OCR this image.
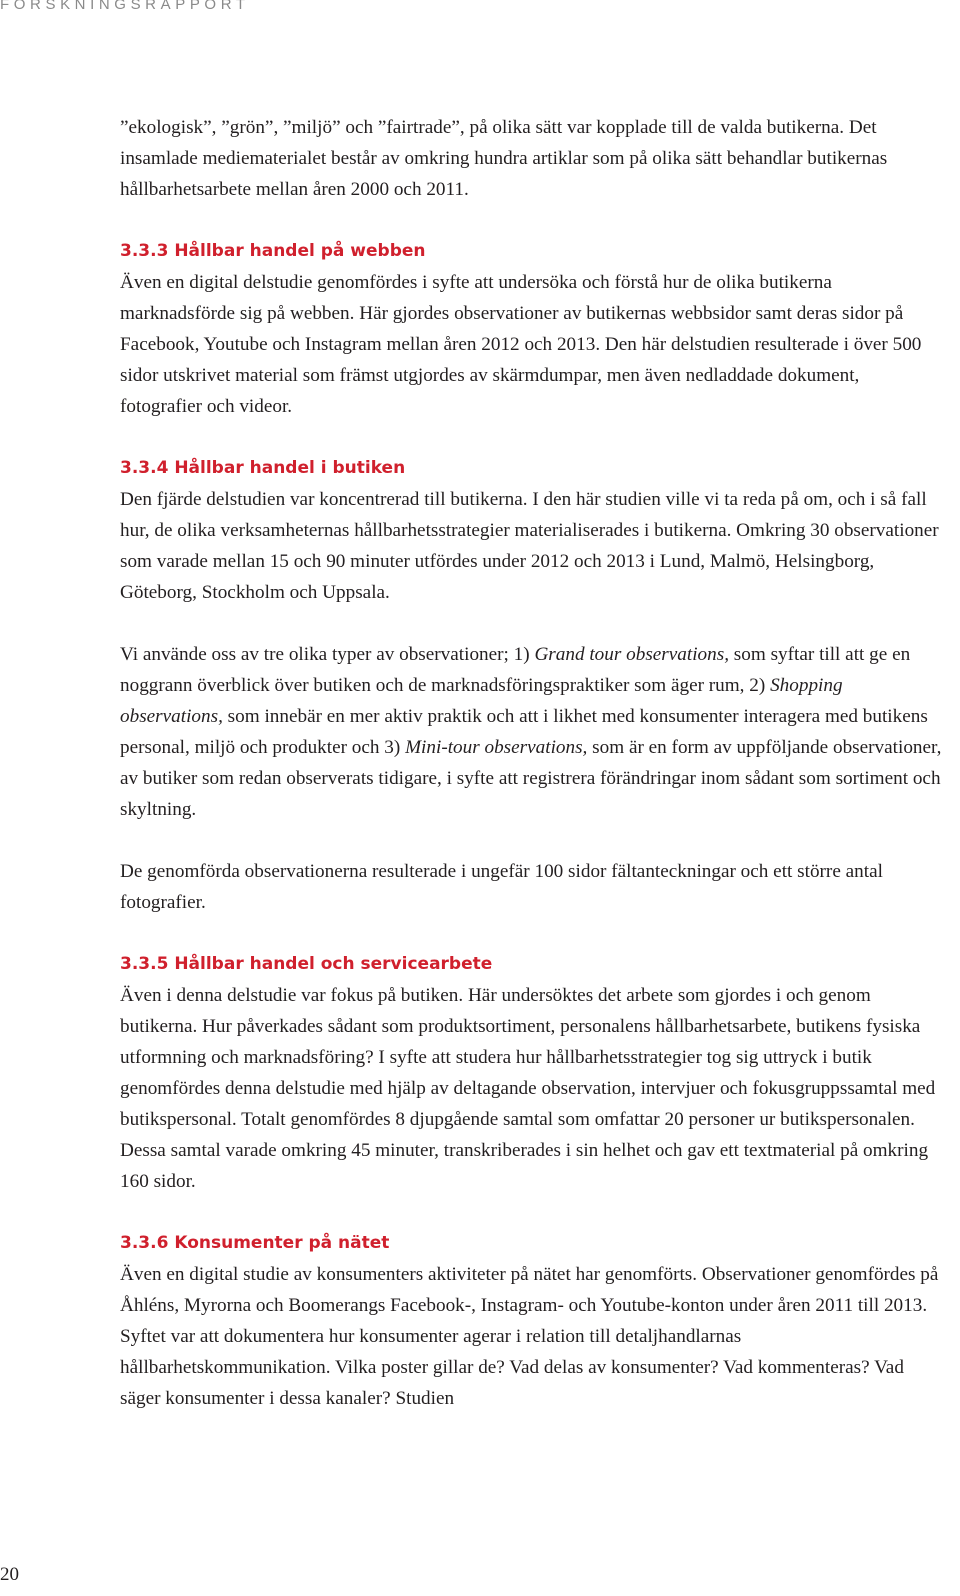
FORSKNINGSRAPPORT

”ekologisk”, ”grön”, ”miljö” och ”fairtrade”, på olika sätt var kopplade till de valda butikerna. Det insamlade mediematerialet består av omkring hundra artiklar som på olika sätt behandlar butikernas hållbarhetsarbete mellan åren 2000 och 2011.

3.3.3 Hållbar handel på webben

Även en digital delstudie genomfördes i syfte att undersöka och förstå hur de olika butikerna marknadsförde sig på webben. Här gjordes observationer av butikernas webbsidor samt deras sidor på Facebook, Youtube och Instagram mellan åren 2012 och 2013. Den här delstudien resulterade i över 500 sidor utskrivet material som främst utgjordes av skärmdumpar, men även nedladdade dokument, fotografier och videor.

3.3.4 Hållbar handel i butiken

Den fjärde delstudien var koncentrerad till butikerna. I den här studien ville vi ta reda på om, och i så fall hur, de olika verksamheternas hållbarhetsstrategier materialiserades i butikerna. Omkring 30 observationer som varade mellan 15 och 90 minuter utfördes under 2012 och 2013 i Lund, Malmö, Helsingborg, Göteborg, Stockholm och Uppsala.

Vi använde oss av tre olika typer av observationer; 1) Grand tour observations, som syftar till att ge en noggrann överblick över butiken och de marknadsföringspraktiker som äger rum, 2) Shopping observations, som innebär en mer aktiv praktik och att i likhet med konsumenter interagera med butikens personal, miljö och produkter och 3) Mini-tour observations, som är en form av uppföljande observationer, av butiker som redan observerats tidigare, i syfte att registrera förändringar inom sådant som sortiment och skyltning.

De genomförda observationerna resulterade i ungefär 100 sidor fältanteckningar och ett större antal fotografier.

3.3.5 Hållbar handel och servicearbete

Även i denna delstudie var fokus på butiken. Här undersöktes det arbete som gjordes i och genom butikerna. Hur påverkades sådant som produktsortiment, personalens hållbarhetsarbete, butikens fysiska utformning och marknadsföring? I syfte att studera hur hållbarhetsstrategier tog sig uttryck i butik genomfördes denna delstudie med hjälp av deltagande observation, intervjuer och fokusgruppssamtal med butikspersonal. Totalt genomfördes 8 djupgående samtal som omfattar 20 personer ur butikspersonalen. Dessa samtal varade omkring 45 minuter, transkriberades i sin helhet och gav ett textmaterial på omkring 160 sidor.

3.3.6 Konsumenter på nätet

Även en digital studie av konsumenters aktiviteter på nätet har genomförts. Observationer genomfördes på Åhléns, Myrorna och Boomerangs Facebook-, Instagram- och Youtube-konton under åren 2011 till 2013. Syftet var att dokumentera hur konsumenter agerar i relation till detaljhandlarnas hållbarhetskommunikation. Vilka poster gillar de? Vad delas av konsumenter? Vad kommenteras? Vad säger konsumenter i dessa kanaler? Studien

20
